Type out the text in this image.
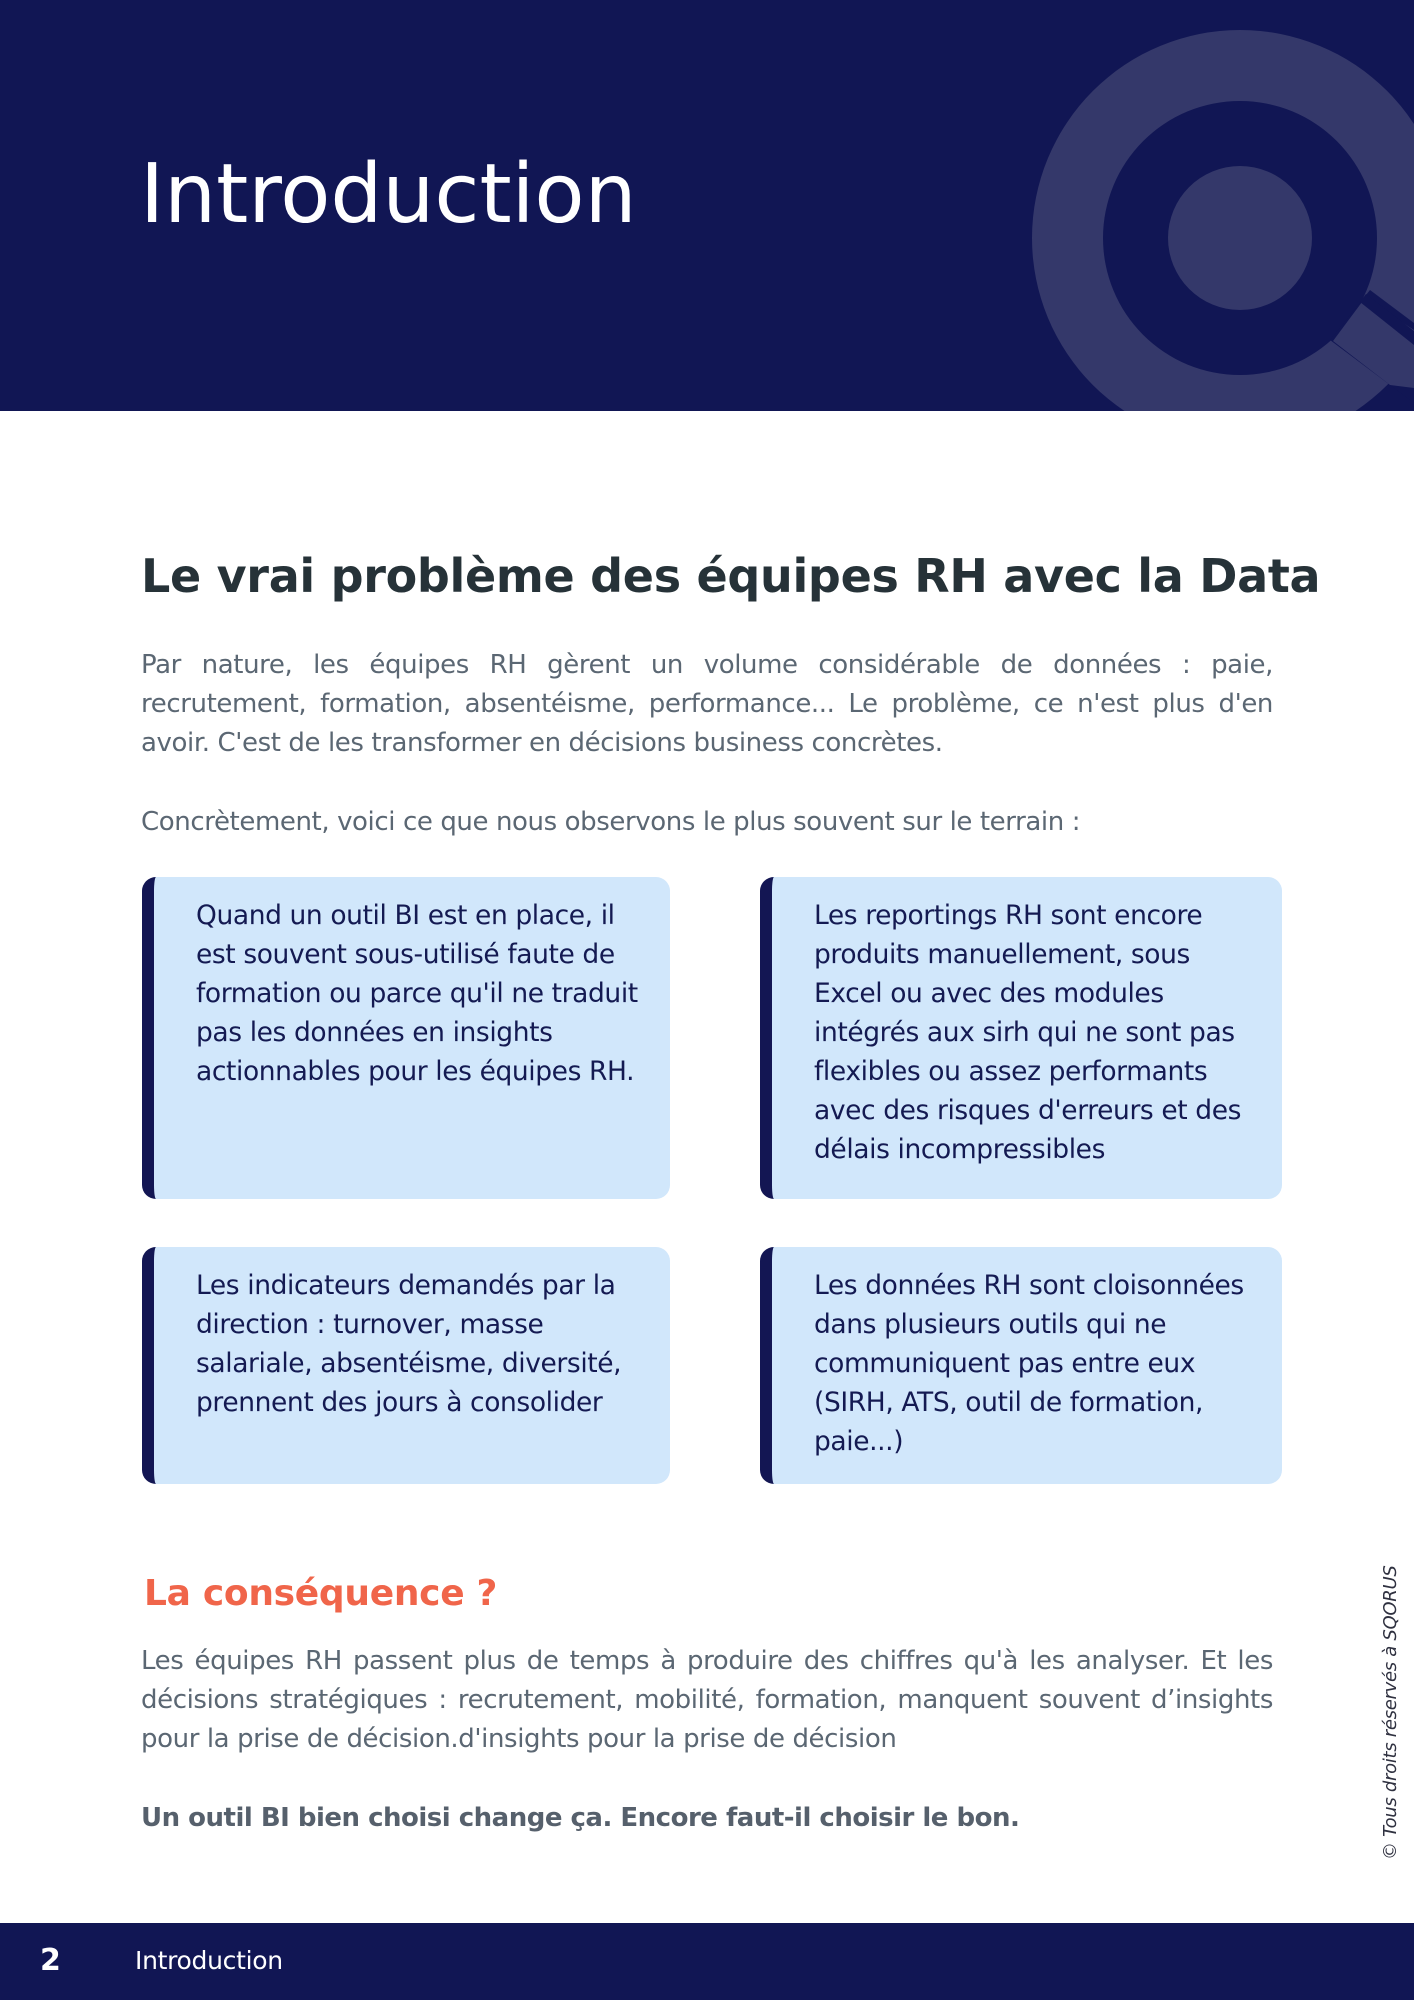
Introduction
Le vrai problème des équipes RH avec la Data

Par nature, les équipes RH gèrent un volume considérable de données : paie, recrutement, formation, absentéisme, performance... Le problème, ce n'est plus d'en avoir. C'est de les transformer en décisions business concrètes.

Concrètement, voici ce que nous observons le plus souvent sur le terrain :

Quand un outil BI est en place, il est souvent sous-utilisé faute de formation ou parce qu'il ne traduit pas les données en insights actionnables pour les équipes RH.
Les reportings RH sont encore produits manuellement, sous Excel ou avec des modules intégrés aux sirh qui ne sont pas flexibles ou assez performants avec des risques d'erreurs et des délais incompressibles
Les indicateurs demandés par la direction : turnover, masse salariale, absentéisme, diversité, prennent des jours à consolider
Les données RH sont cloisonnées dans plusieurs outils qui ne communiquent pas entre eux (SIRH, ATS, outil de formation, paie...)
La conséquence ?

Les équipes RH passent plus de temps à produire des chiffres qu'à les analyser. Et les décisions stratégiques : recrutement, mobilité, formation, manquent souvent d’insights pour la prise de décision.d'insights pour la prise de décision

Un outil BI bien choisi change ça. Encore faut-il choisir le bon.	© Tous droits réservés à SQORUS
2	Introduction
